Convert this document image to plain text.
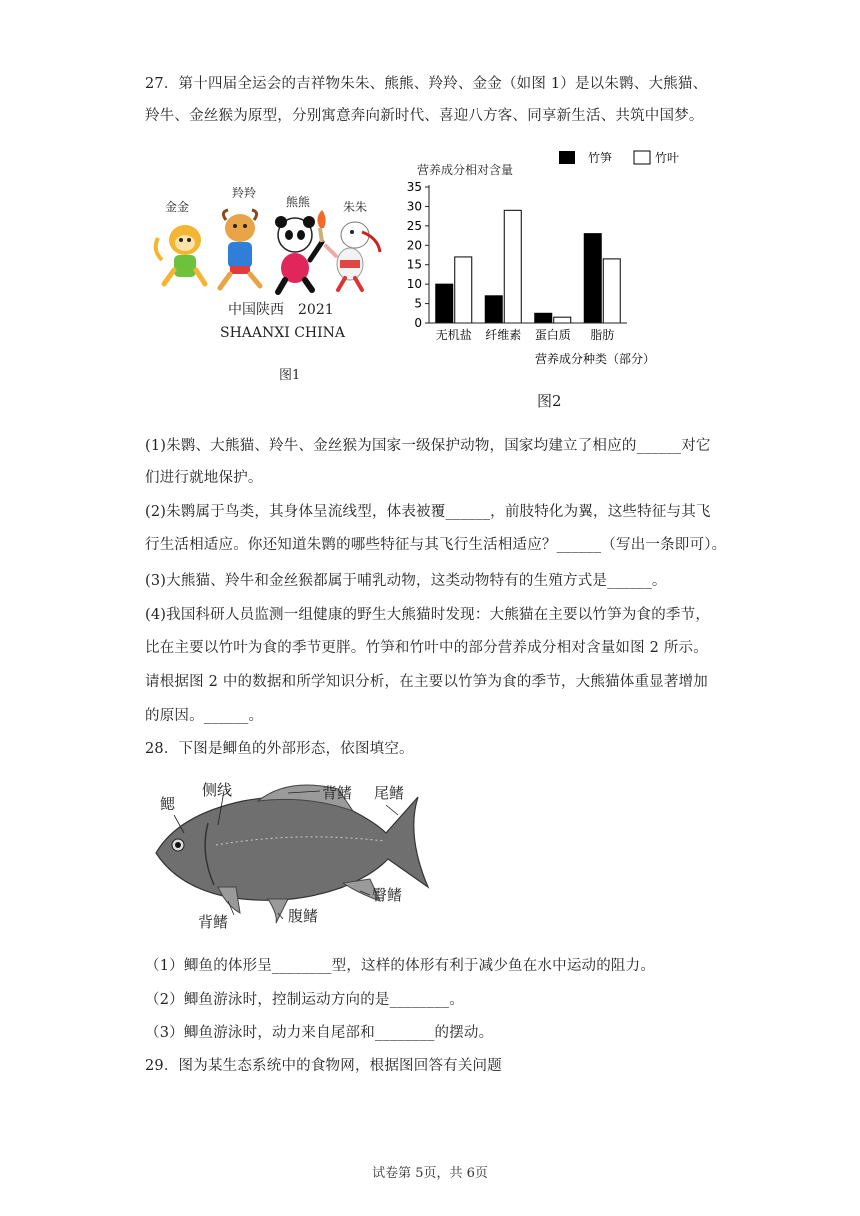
27．第十四届全运会的吉祥物朱朱、熊熊、羚羚、金金（如图 1）是以朱鹮、大熊猫、
羚牛、金丝猴为原型，分别寓意奔向新时代、喜迎八方客、同享新生活、共筑中国梦。
金金
羚羚
熊熊	朱朱
中国陕西　2021
SHAANXI CHINA
图1
0
5
10
15
20
25
30
35
营养成分相对含量
竹笋	竹叶
无机盐 纤维素 蛋白质 脂肪
营养成分种类（部分）
图2
(1)朱鹮、大熊猫、羚牛、金丝猴为国家一级保护动物，国家均建立了相应的______对它
们进行就地保护。
(2)朱鹮属于鸟类，其身体呈流线型，体表被覆______，前肢特化为翼，这些特征与其飞
行生活相适应。你还知道朱鹮的哪些特征与其飞行生活相适应？______（写出一条即可）。
(3)大熊猫、羚牛和金丝猴都属于哺乳动物，这类动物特有的生殖方式是______。
(4)我国科研人员监测一组健康的野生大熊猫时发现：大熊猫在主要以竹笋为食的季节，
比在主要以竹叶为食的季节更胖。竹笋和竹叶中的部分营养成分相对含量如图 2 所示。
请根据图 2 中的数据和所学知识分析，在主要以竹笋为食的季节，大熊猫体重显著增加
的原因。______。
28．下图是鲫鱼的外部形态，依图填空。
鳃
侧线	背鳍 尾鳍
臀鳍
背鳍	腹鳍
（1）鲫鱼的体形呈________型，这样的体形有利于减少鱼在水中运动的阻力。
（2）鲫鱼游泳时，控制运动方向的是________。
（3）鲫鱼游泳时，动力来自尾部和________的摆动。
29．图为某生态系统中的食物网，根据图回答有关问题
试卷第 5页，共 6页
